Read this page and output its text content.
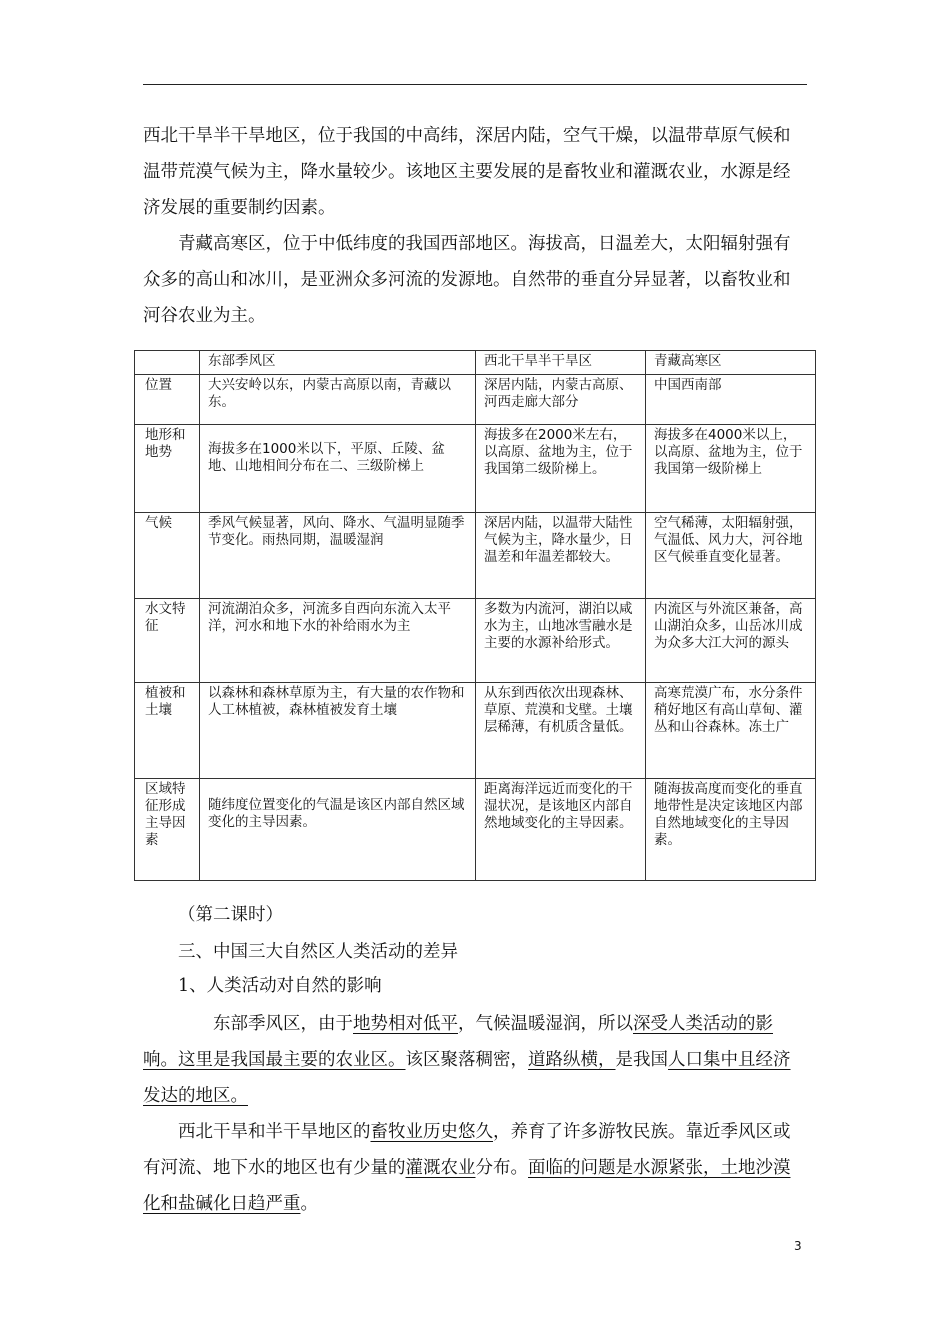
西北干旱半干旱地区，位于我国的中高纬，深居内陆，空气干燥，以温带草原气候和温带荒漠气候为主，降水量较少。该地区主要发展的是畜牧业和灌溉农业，水源是经济发展的重要制约因素。

青藏高寒区，位于中低纬度的我国西部地区。海拔高，日温差大，太阳辐射强有众多的高山和冰川，是亚洲众多河流的发源地。自然带的垂直分异显著，以畜牧业和河谷农业为主。

	东部季风区	西北干旱半干旱区	青藏高寒区
位置	大兴安岭以东，内蒙古高原以南，青藏以东。	深居内陆，内蒙古高原、河西走廊大部分	中国西南部
地形和地势	海拔多在1000米以下，平原、丘陵、盆地、山地相间分布在二、三级阶梯上	海拔多在2000米左右，以高原、盆地为主，位于我国第二级阶梯上。	海拔多在4000米以上，以高原、盆地为主，位于我国第一级阶梯上
气候	季风气候显著，风向、降水、气温明显随季节变化。雨热同期，温暖湿润	深居内陆，以温带大陆性气候为主，降水量少，日温差和年温差都较大。	空气稀薄，太阳辐射强，气温低、风力大，河谷地区气候垂直变化显著。
水文特征	河流湖泊众多，河流多自西向东流入太平洋，河水和地下水的补给雨水为主	多数为内流河，湖泊以咸水为主，山地冰雪融水是主要的水源补给形式。	内流区与外流区兼备，高山湖泊众多，山岳冰川成为众多大江大河的源头
植被和土壤	以森林和森林草原为主，有大量的农作物和人工林植被，森林植被发育土壤	从东到西依次出现森林、草原、荒漠和戈壁。土壤层稀薄，有机质含量低。	高寒荒漠广布，水分条件稍好地区有高山草甸、灌丛和山谷森林。冻土广
区域特征形成主导因素	随纬度位置变化的气温是该区内部自然区域变化的主导因素。	距离海洋远近而变化的干湿状况，是该地区内部自然地域变化的主导因素。	随海拔高度而变化的垂直地带性是决定该地区内部自然地域变化的主导因素。

（第二课时）

三、中国三大自然区人类活动的差异

1、人类活动对自然的影响

东部季风区，由于地势相对低平，气候温暖湿润，所以深受人类活动的影响。这里是我国最主要的农业区。该区聚落稠密，道路纵横，是我国人口集中且经济发达的地区。

西北干旱和半干旱地区的畜牧业历史悠久，养育了许多游牧民族。靠近季风区或有河流、地下水的地区也有少量的灌溉农业分布。面临的问题是水源紧张，土地沙漠化和盐碱化日趋严重。

3
